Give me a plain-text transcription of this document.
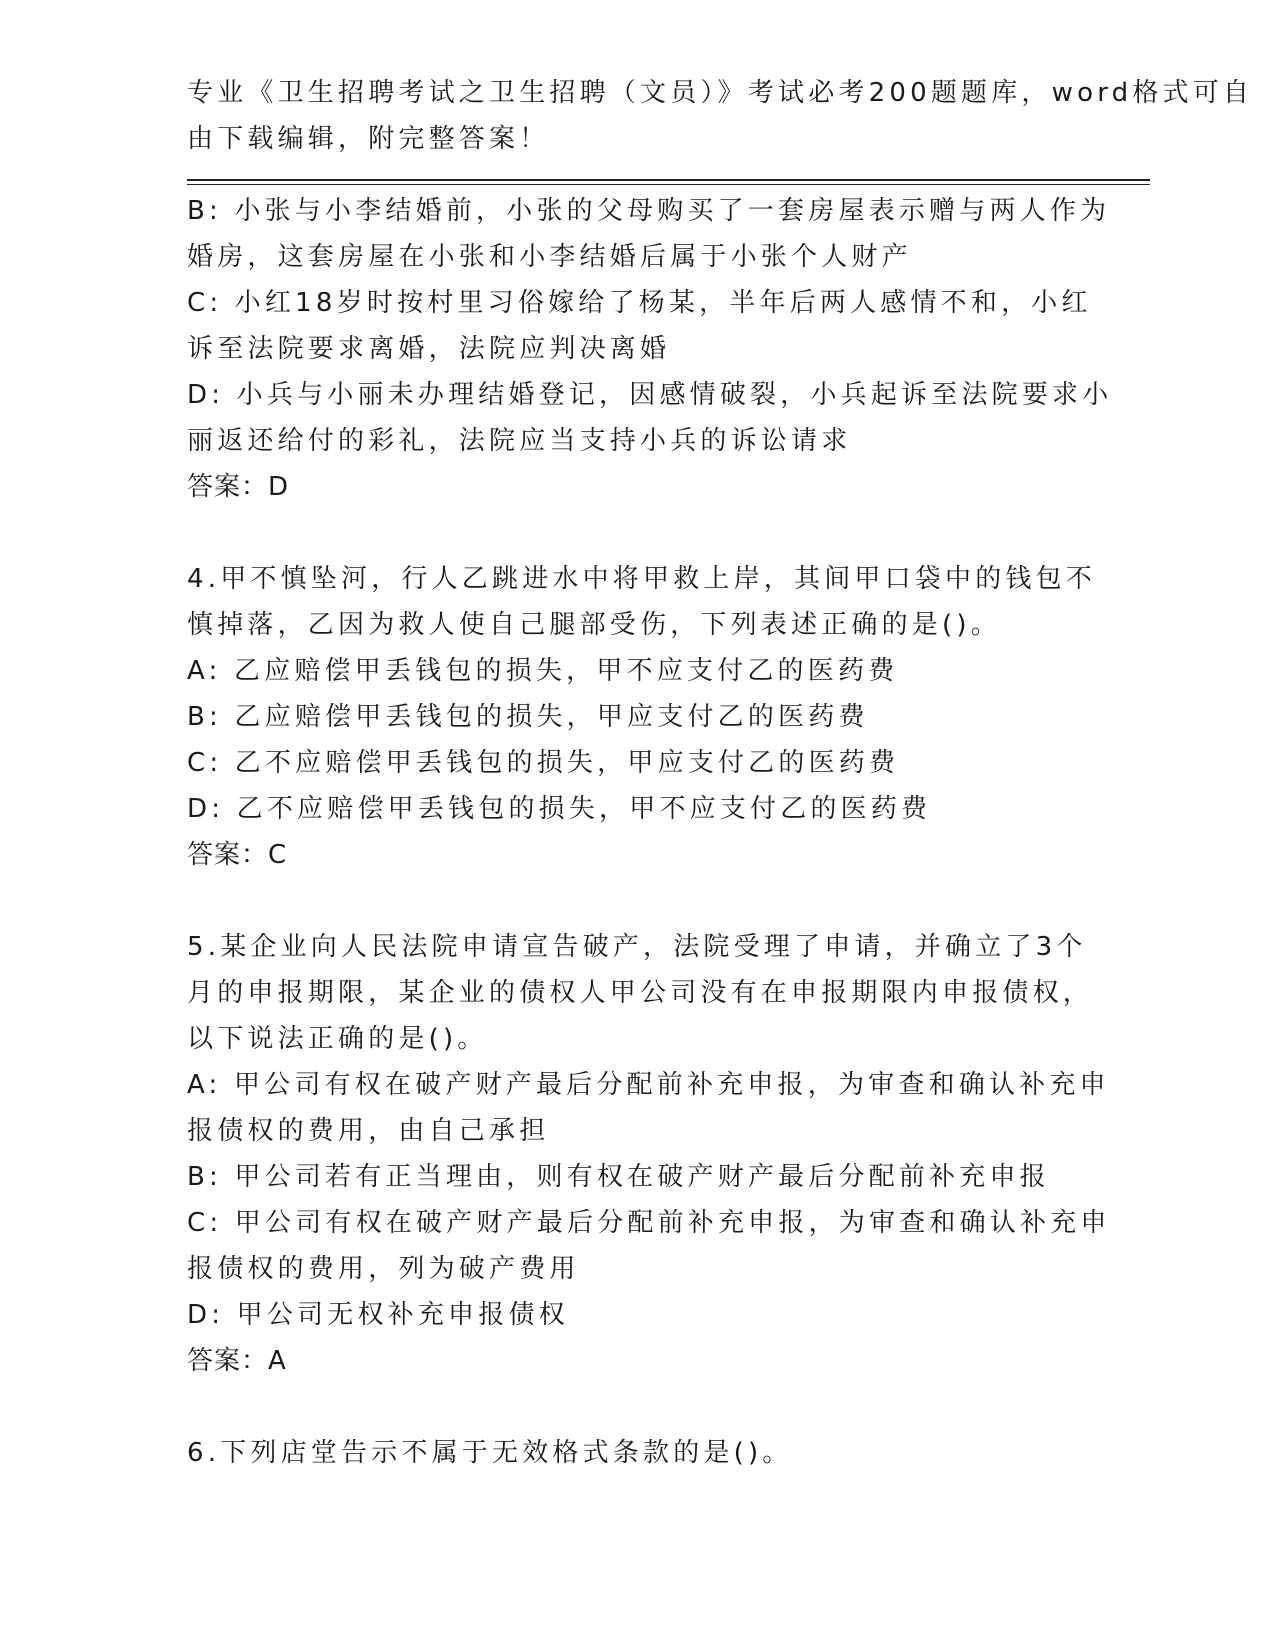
专业《卫生招聘考试之卫生招聘（文员）》考试必考200题题库，word格式可自
由下载编辑，附完整答案！
B: 小张与小李结婚前，小张的父母购买了一套房屋表示赠与两人作为
婚房，这套房屋在小张和小李结婚后属于小张个人财产
C: 小红18岁时按村里习俗嫁给了杨某，半年后两人感情不和，小红
诉至法院要求离婚，法院应判决离婚
D: 小兵与小丽未办理结婚登记，因感情破裂，小兵起诉至法院要求小
丽返还给付的彩礼，法院应当支持小兵的诉讼请求
答案：D
4.甲不慎坠河，行人乙跳进水中将甲救上岸，其间甲口袋中的钱包不
慎掉落，乙因为救人使自己腿部受伤，下列表述正确的是()。
A: 乙应赔偿甲丢钱包的损失，甲不应支付乙的医药费
B: 乙应赔偿甲丢钱包的损失，甲应支付乙的医药费
C: 乙不应赔偿甲丢钱包的损失，甲应支付乙的医药费
D: 乙不应赔偿甲丢钱包的损失，甲不应支付乙的医药费
答案：C
5.某企业向人民法院申请宣告破产，法院受理了申请，并确立了3个
月的申报期限，某企业的债权人甲公司没有在申报期限内申报债权，
以下说法正确的是()。
A: 甲公司有权在破产财产最后分配前补充申报，为审查和确认补充申
报债权的费用，由自己承担
B: 甲公司若有正当理由，则有权在破产财产最后分配前补充申报
C: 甲公司有权在破产财产最后分配前补充申报，为审查和确认补充申
报债权的费用，列为破产费用
D: 甲公司无权补充申报债权
答案：A
6.下列店堂告示不属于无效格式条款的是()。
